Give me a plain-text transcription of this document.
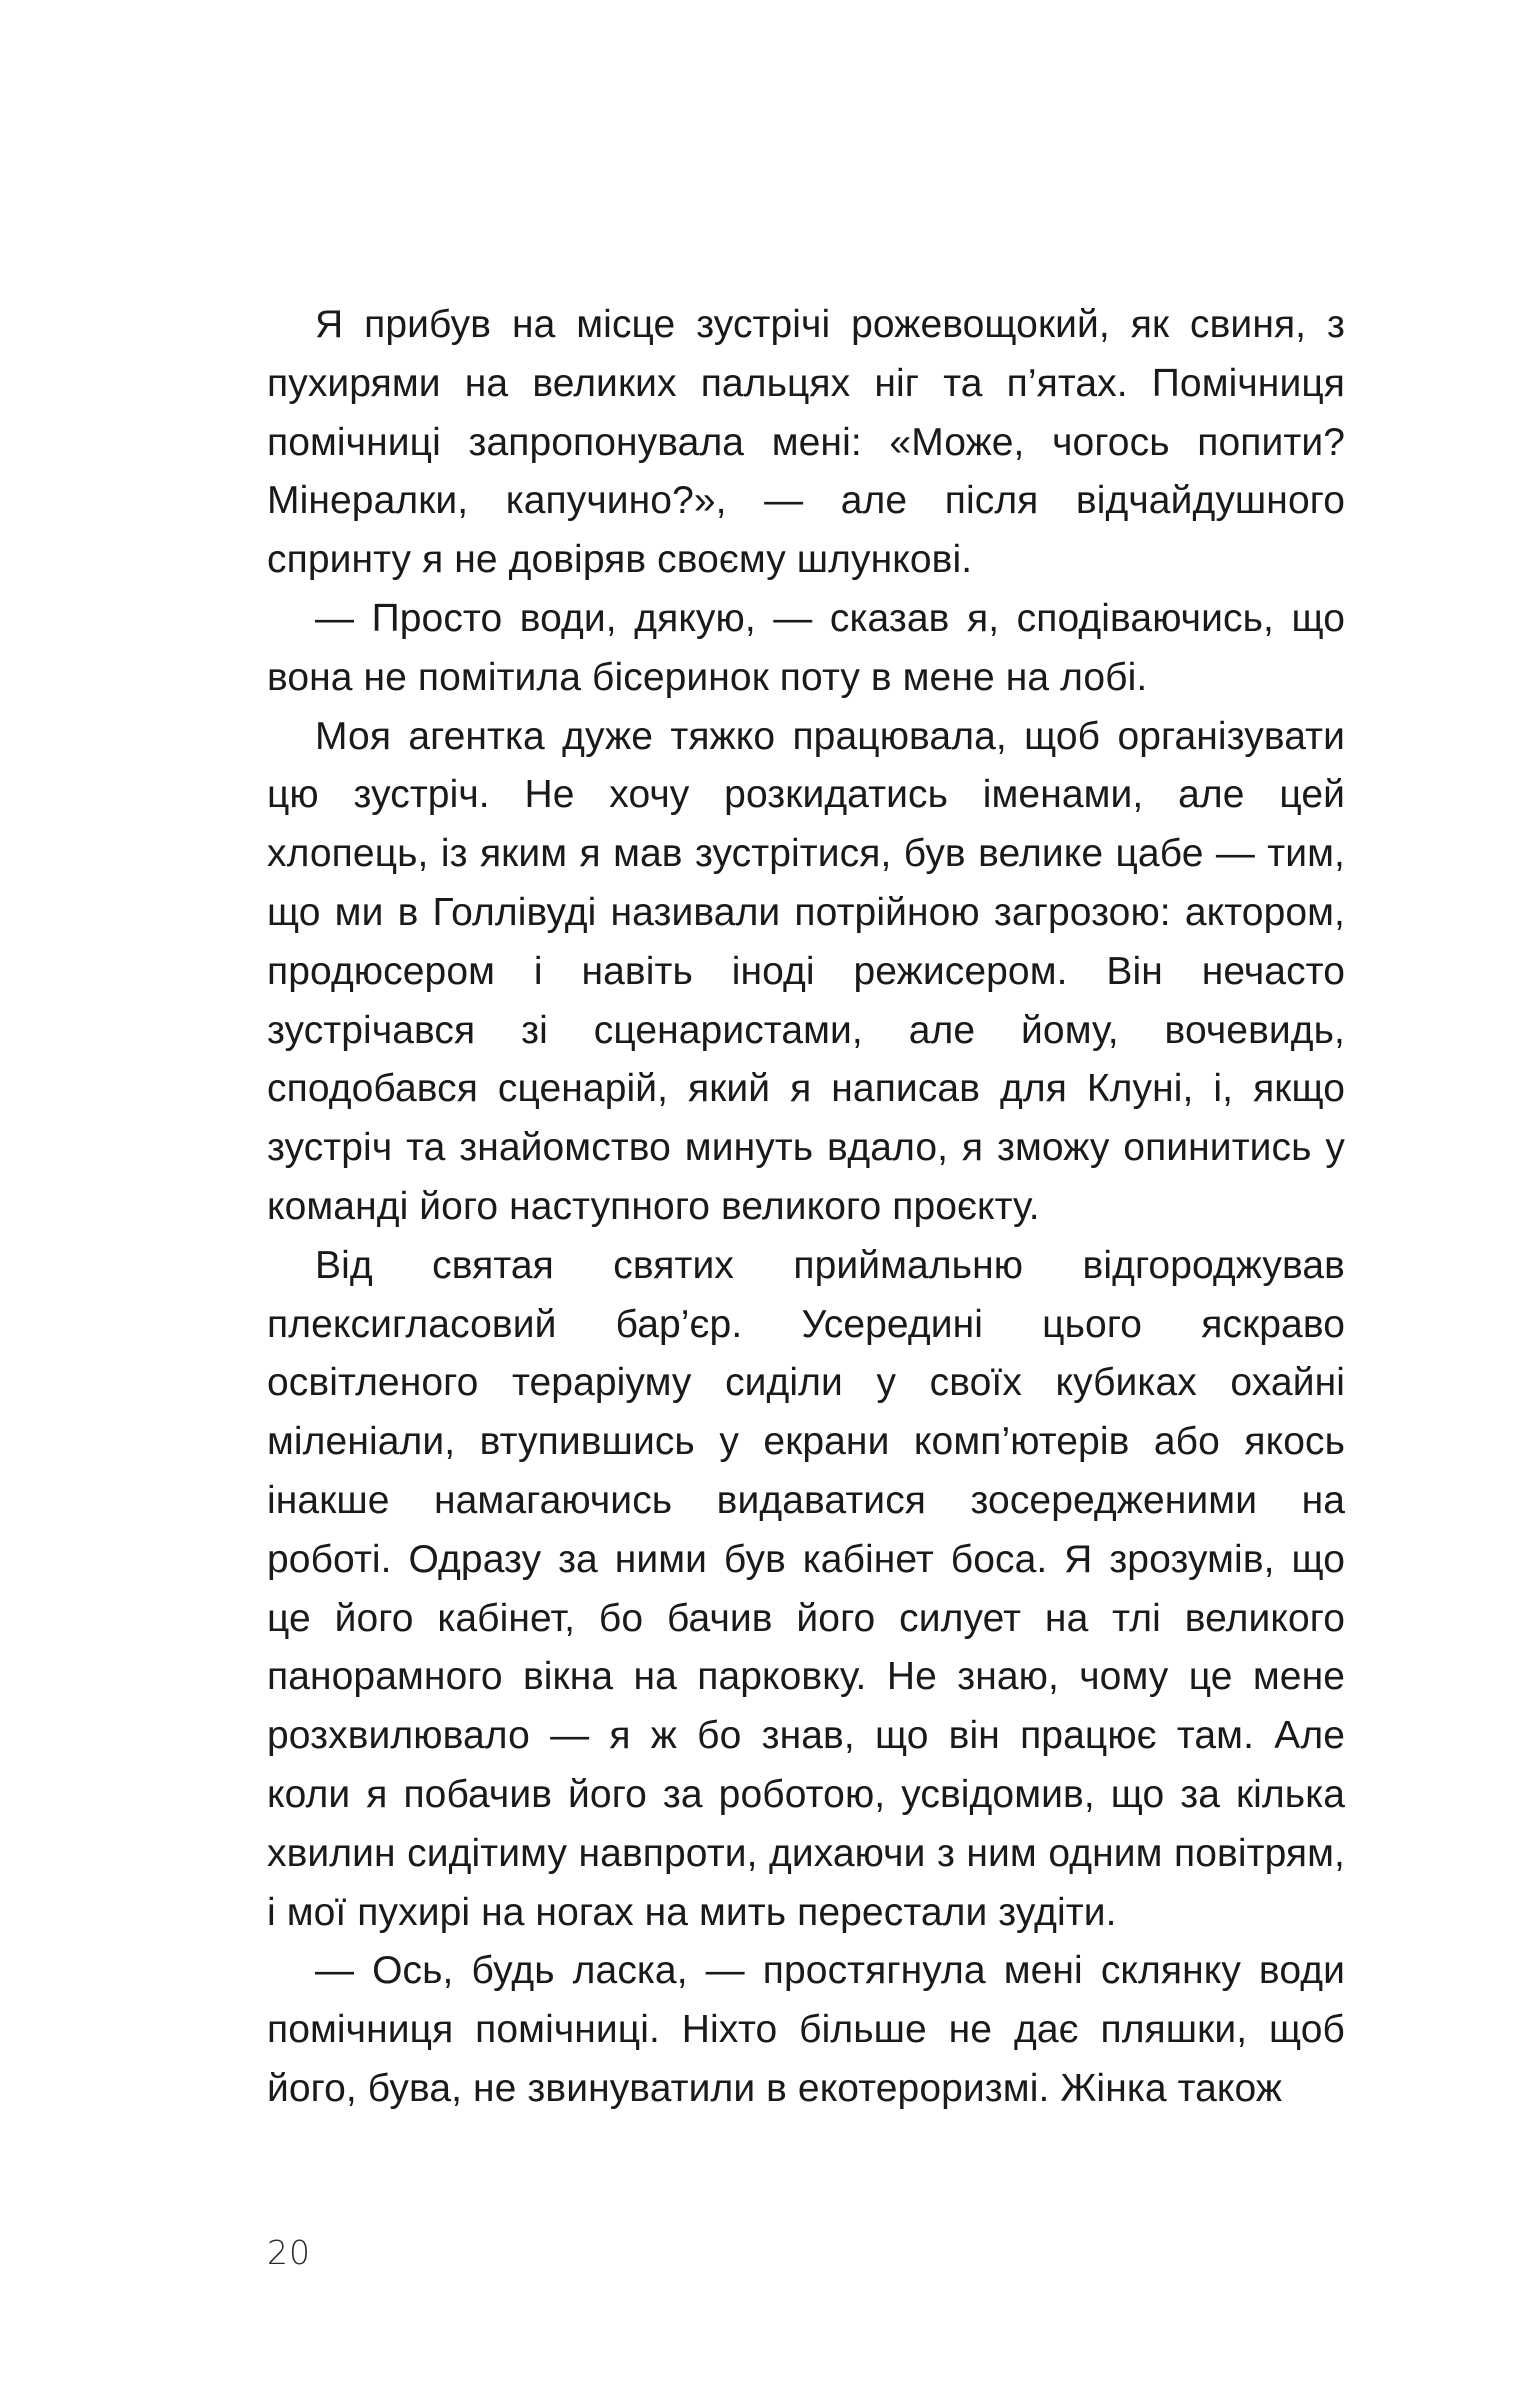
Я прибув на місце зустрічі рожевощокий, як свиня, з пухирями на великих пальцях ніг та п’ятах. Помічниця помічниці запропонувала мені: «Може, чогось попити? Мінералки, капучино?», — але після відчайдушного спринту я не довіряв своєму шлункові.

— Просто води, дякую, — сказав я, сподіваючись, що вона не помітила бісеринок поту в мене на лобі.

Моя агентка дуже тяжко працювала, щоб організувати цю зустріч. Не хочу розкидатись іменами, але цей хлопець, із яким я мав зустрітися, був велике цабе — тим, що ми в Голлівуді називали потрійною загрозою: актором, продюсером і навіть іноді режисером. Він нечасто зустрічався зі сценаристами, але йому, вочевидь, сподобався сценарій, який я написав для Клуні, і, якщо зустріч та знайомство минуть вдало, я зможу опинитись у команді його наступного великого проєкту.

Від святая святих приймальню відгороджував плексигласовий бар’єр. Усередині цього яскраво освітленого тераріуму сиділи у своїх кубиках охайні мілeніали, втупившись у екрани комп’ютерів або якось інакше намагаючись видаватися зосередженими на роботі. Одразу за ними був кабінет боса. Я зрозумів, що це його кабінет, бо бачив його силует на тлі великого панорамного вікна на парковку. Не знаю, чому це мене розхвилювало — я ж бо знав, що він працює там. Але коли я побачив його за роботою, усвідомив, що за кілька хвилин сидітиму навпроти, дихаючи з ним одним повітрям, і мої пухирі на ногах на мить перестали зудіти.

— Ось, будь ласка, — простягнула мені склянку води помічниця помічниці. Ніхто більше не дає пляшки, щоб його, бува, не звинуватили в екотероризмі. Жінка також

20
